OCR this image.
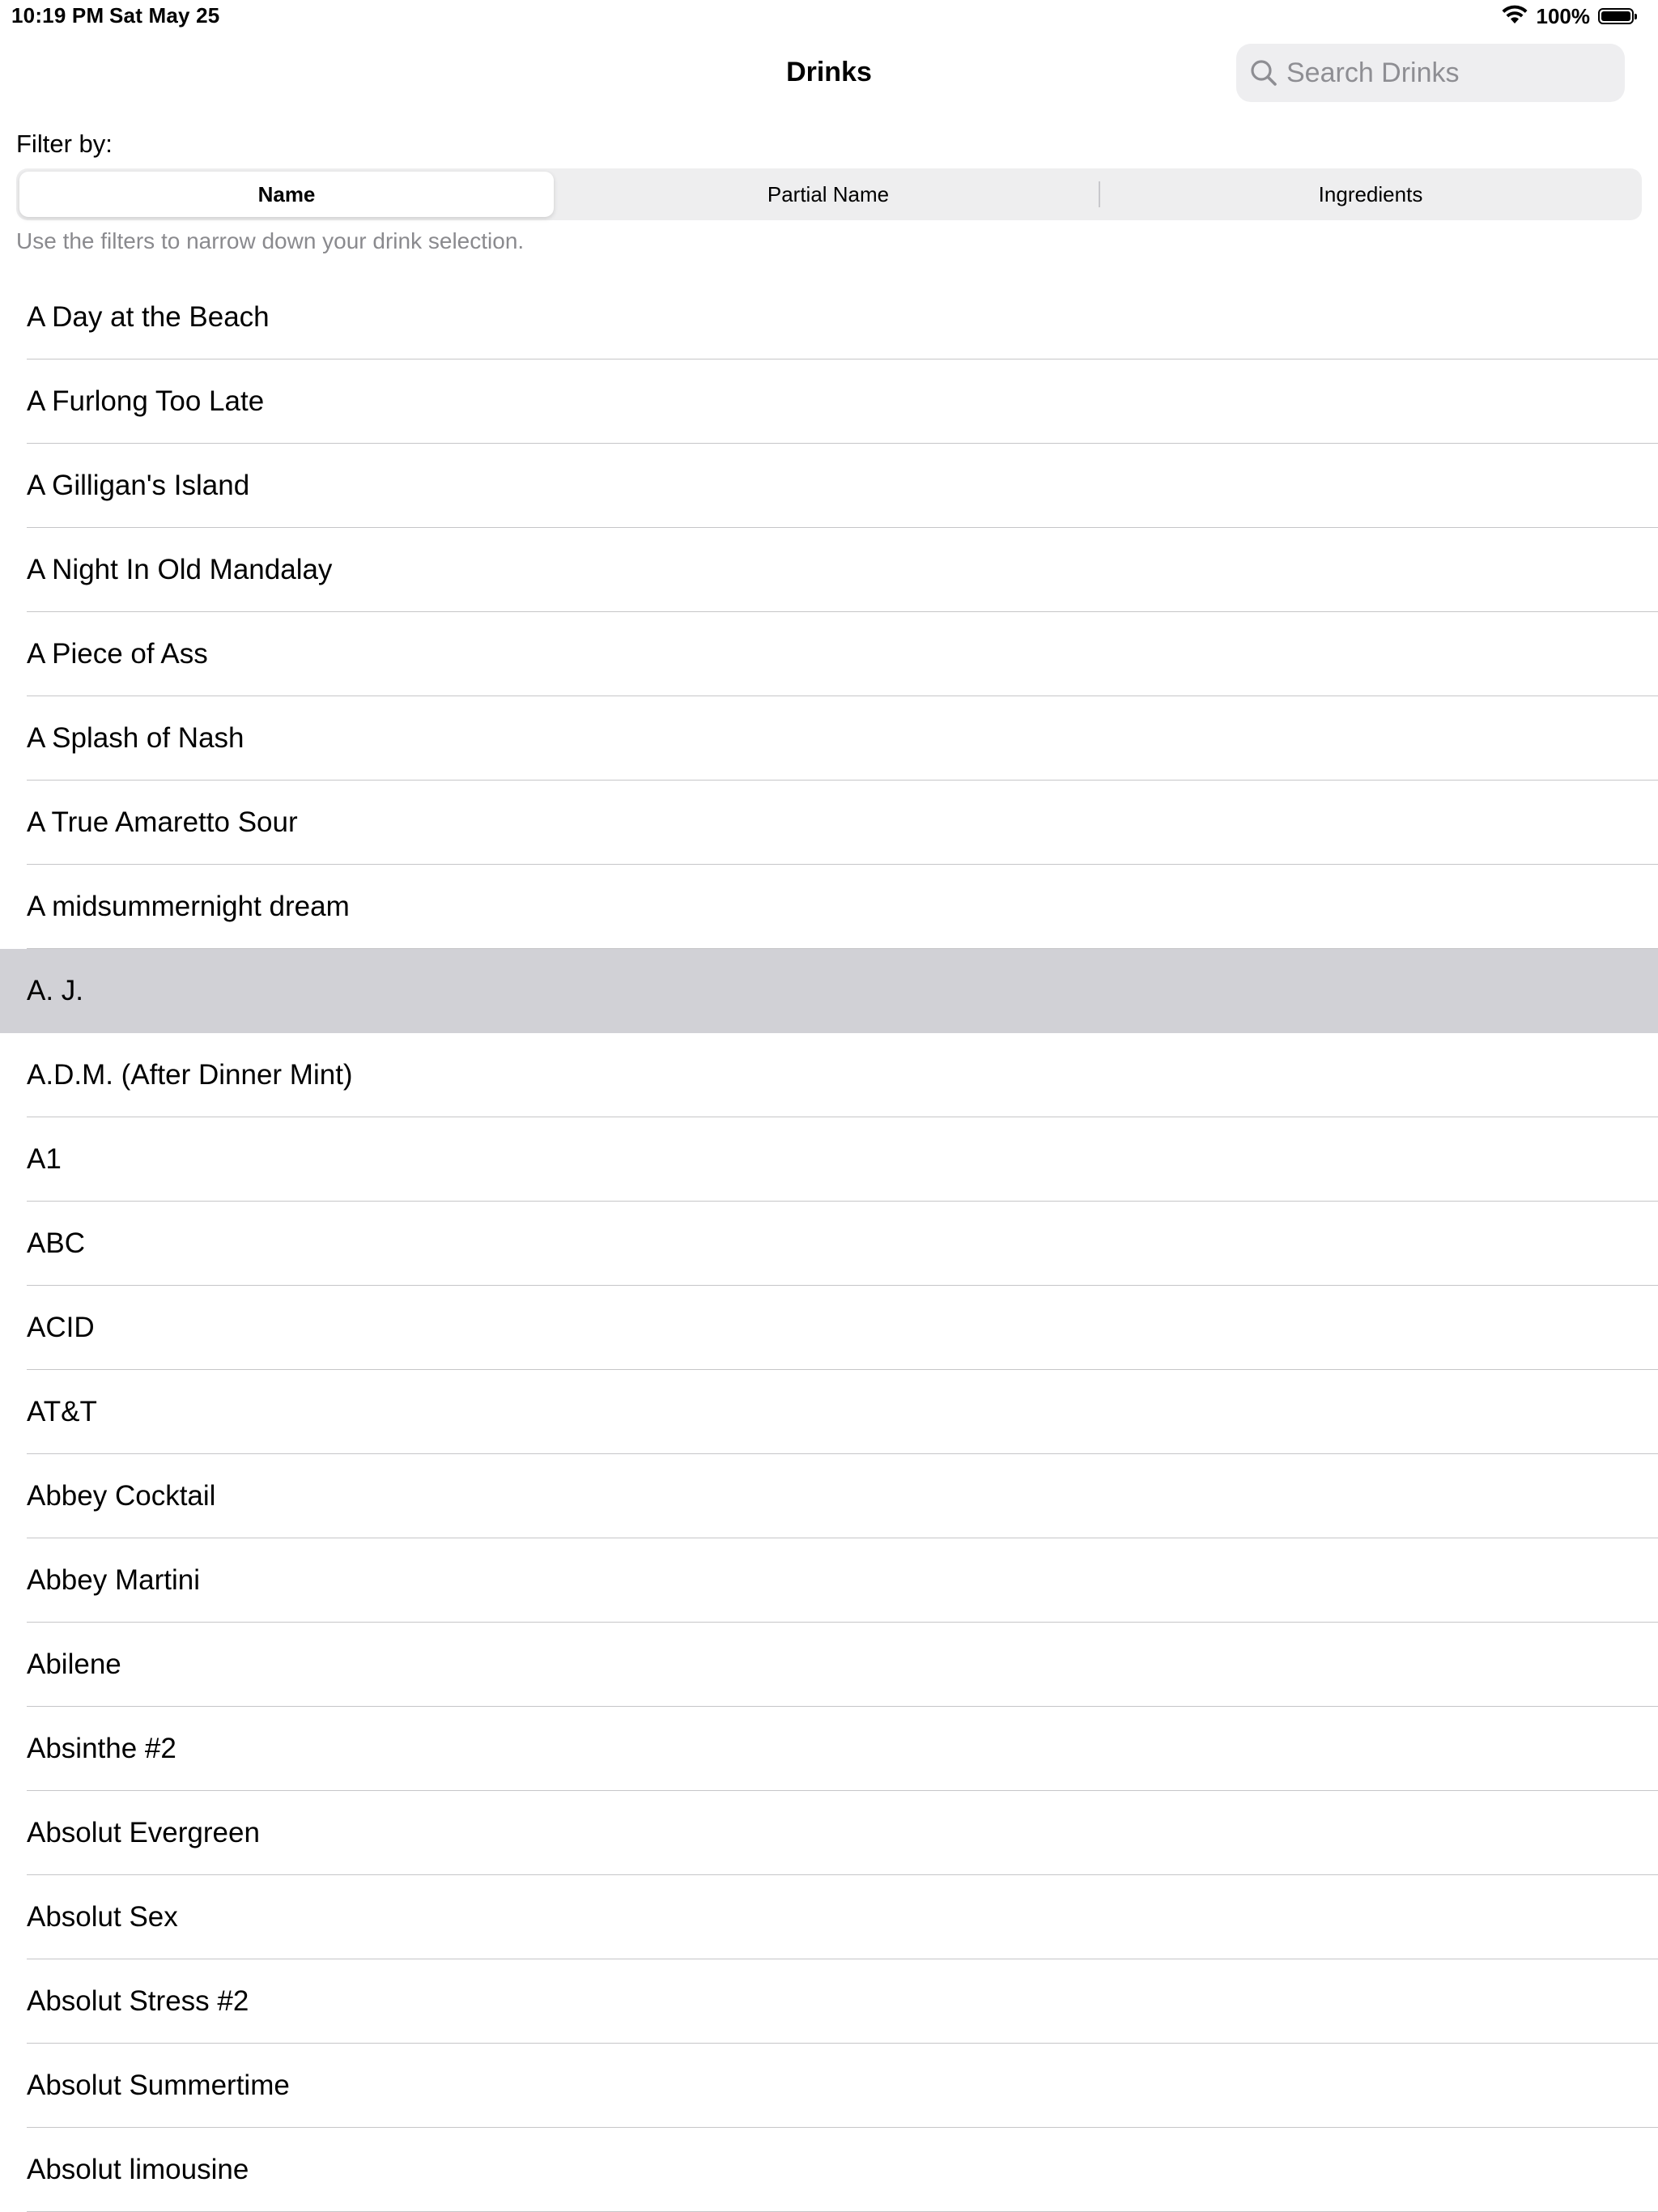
10:19 PM Sat May 25	100%
Drinks
Search Drinks
Filter by:
Name	Partial Name	Ingredients
Use the filters to narrow down your drink selection.
A Day at the Beach
A Furlong Too Late
A Gilligan's Island
A Night In Old Mandalay
A Piece of Ass
A Splash of Nash
A True Amaretto Sour
A midsummernight dream
A. J.
A.D.M. (After Dinner Mint)
A1
ABC
ACID
AT&T
Abbey Cocktail
Abbey Martini
Abilene
Absinthe #2
Absolut Evergreen
Absolut Sex
Absolut Stress #2
Absolut Summertime
Absolut limousine
